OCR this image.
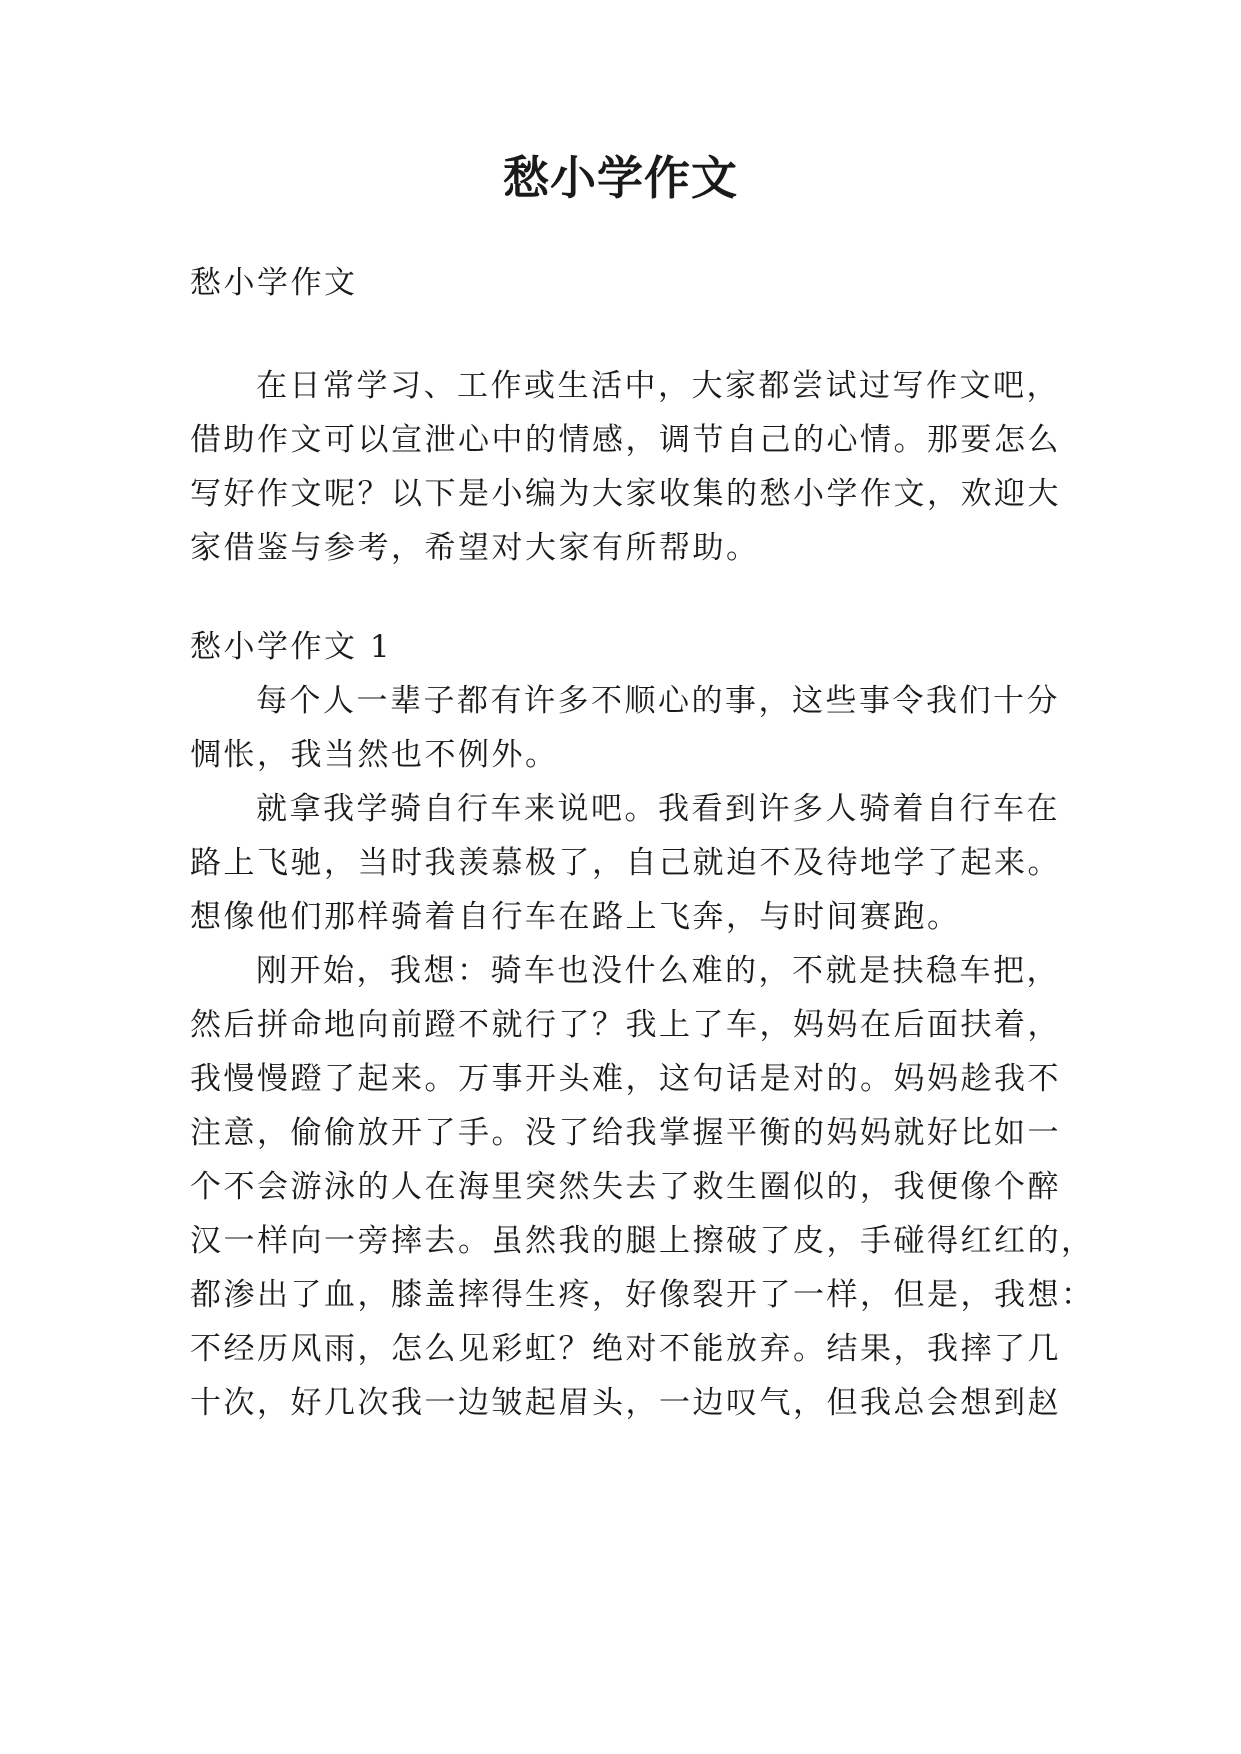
愁小学作文

愁小学作文

在日常学习、工作或生活中，大家都尝试过写作文吧，

借助作文可以宣泄心中的情感，调节自己的心情。那要怎么

写好作文呢？以下是小编为大家收集的愁小学作文，欢迎大

家借鉴与参考，希望对大家有所帮助。

愁小学作文 1

每个人一辈子都有许多不顺心的事，这些事令我们十分

惆怅，我当然也不例外。

就拿我学骑自行车来说吧。我看到许多人骑着自行车在

路上飞驰，当时我羡慕极了，自己就迫不及待地学了起来。

想像他们那样骑着自行车在路上飞奔，与时间赛跑。

刚开始，我想：骑车也没什么难的，不就是扶稳车把，

然后拼命地向前蹬不就行了？我上了车，妈妈在后面扶着，

我慢慢蹬了起来。万事开头难，这句话是对的。妈妈趁我不

注意，偷偷放开了手。没了给我掌握平衡的妈妈就好比如一

个不会游泳的人在海里突然失去了救生圈似的，我便像个醉

汉一样向一旁摔去。虽然我的腿上擦破了皮，手碰得红红的，

都渗出了血，膝盖摔得生疼，好像裂开了一样，但是，我想：

不经历风雨，怎么见彩虹？绝对不能放弃。结果，我摔了几

十次，好几次我一边皱起眉头，一边叹气，但我总会想到赵
